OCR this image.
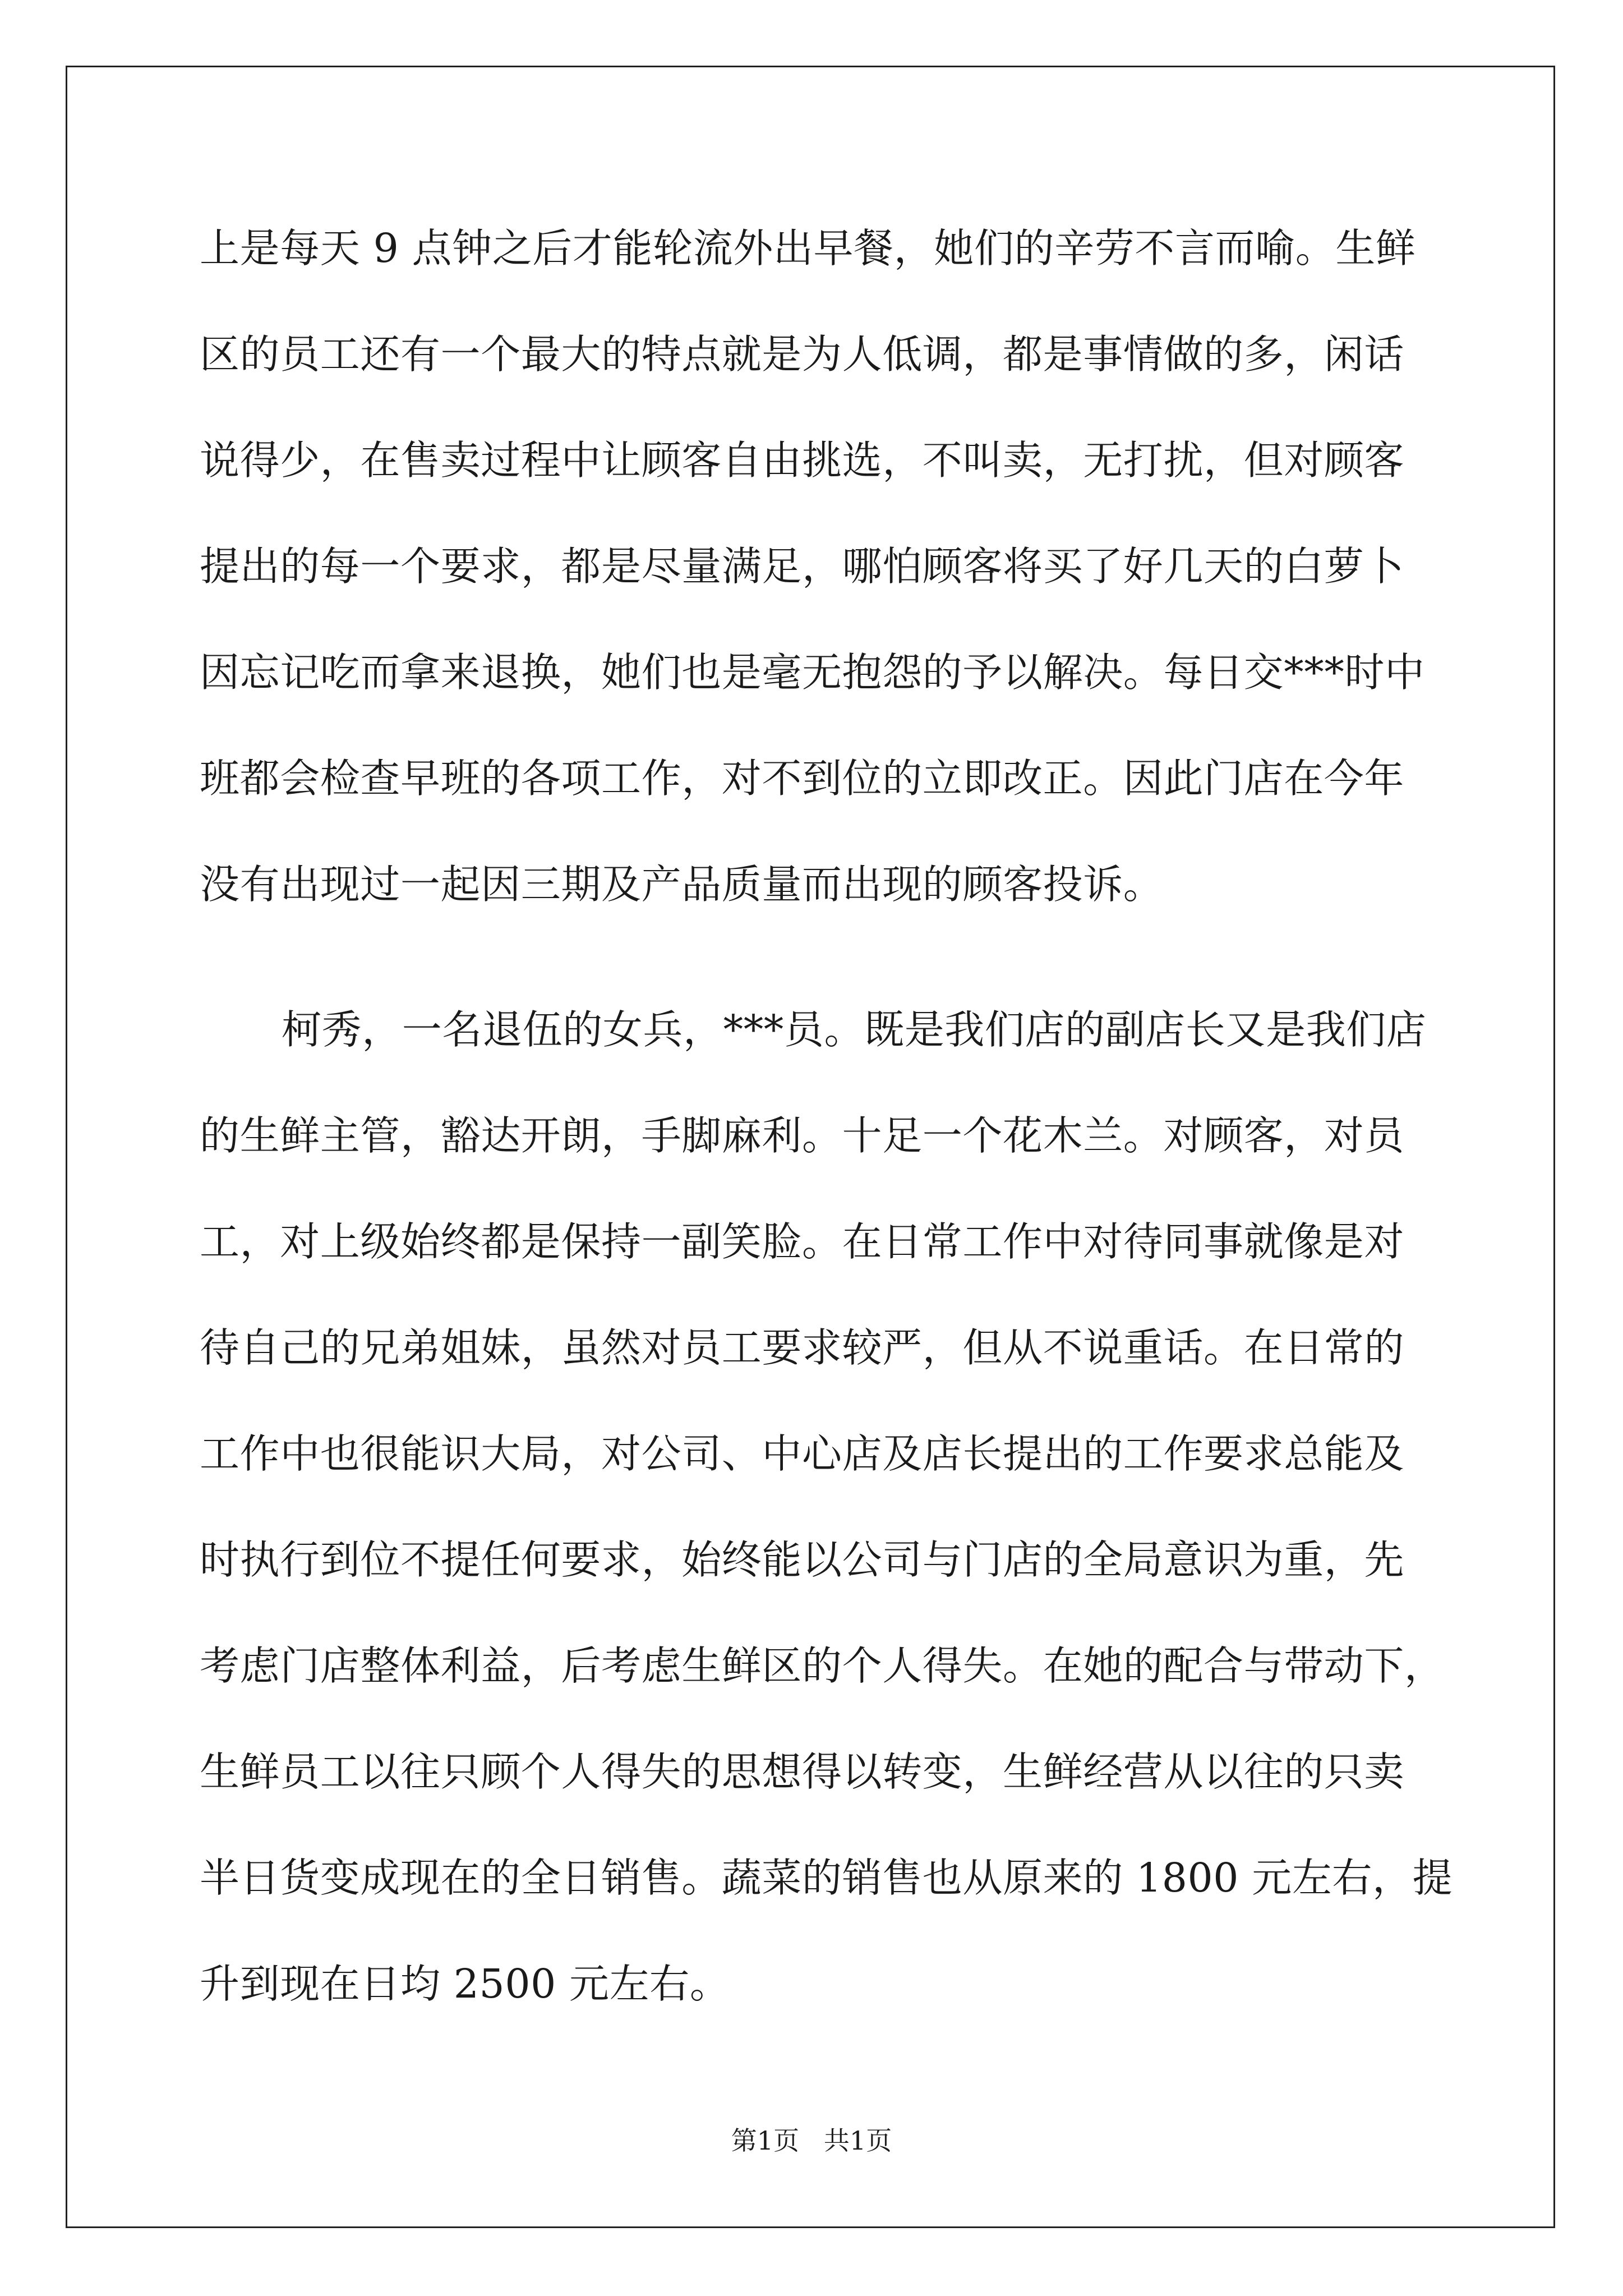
上是每天 9 点钟之后才能轮流外出早餐，她们的辛劳不言而喻。生鲜
区的员工还有一个最大的特点就是为人低调，都是事情做的多，闲话
说得少，在售卖过程中让顾客自由挑选，不叫卖，无打扰，但对顾客
提出的每一个要求，都是尽量满足，哪怕顾客将买了好几天的白萝卜
因忘记吃而拿来退换，她们也是毫无抱怨的予以解决。每日交***时中
班都会检查早班的各项工作，对不到位的立即改正。因此门店在今年
没有出现过一起因三期及产品质量而出现的顾客投诉。
柯秀，一名退伍的女兵，***员。既是我们店的副店长又是我们店
的生鲜主管，豁达开朗，手脚麻利。十足一个花木兰。对顾客，对员
工，对上级始终都是保持一副笑脸。在日常工作中对待同事就像是对
待自己的兄弟姐妹，虽然对员工要求较严，但从不说重话。在日常的
工作中也很能识大局，对公司、中心店及店长提出的工作要求总能及
时执行到位不提任何要求，始终能以公司与门店的全局意识为重，先
考虑门店整体利益，后考虑生鲜区的个人得失。在她的配合与带动下，
生鲜员工以往只顾个人得失的思想得以转变，生鲜经营从以往的只卖
半日货变成现在的全日销售。蔬菜的销售也从原来的 1800 元左右，提
升到现在日均 2500 元左右。
第1页   共1页
